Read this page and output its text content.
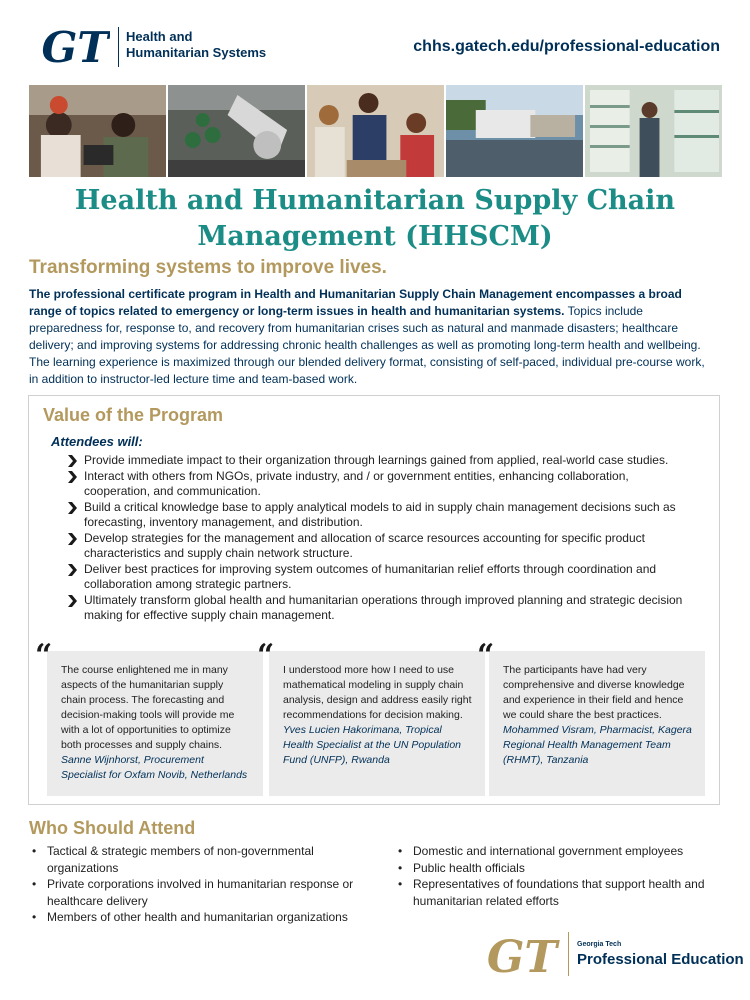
GT Health and
Humanitarian Systems	chhs.gatech.edu/professional-education
Health and Humanitarian Supply Chain Management (HHSCM)
Transforming systems to improve lives.
The professional certificate program in Health and Humanitarian Supply Chain Management encompasses a broad range of topics related to emergency or long-term issues in health and humanitarian systems. Topics include preparedness for, response to, and recovery from humanitarian crises such as natural and manmade disasters; healthcare delivery; and improving systems for addressing chronic health challenges as well as promoting long-term health and wellbeing. The learning experience is maximized through our blended delivery format, consisting of self-paced, individual pre-course work, in addition to instructor-led lecture time and team-based work.
Value of the Program
Attendees will:
Provide immediate impact to their organization through learnings gained from applied, real-world case studies.
Interact with others from NGOs, private industry, and / or government entities, enhancing collaboration, cooperation, and communication.
Build a critical knowledge base to apply analytical models to aid in supply chain management decisions such as forecasting, inventory management, and distribution.
Develop strategies for the management and allocation of scarce resources accounting for specific product characteristics and supply chain network structure.
Deliver best practices for improving system outcomes of humanitarian relief efforts through coordination and collaboration among strategic partners.
Ultimately transform global health and humanitarian operations through improved planning and strategic decision making for effective supply chain management.
“ The course enlightened me in many aspects of the humanitarian supply chain process. The forecasting and decision-making tools will provide me with a lot of opportunities to optimize both processes and supply chains.
Sanne Wijnhorst, Procurement Specialist for Oxfam Novib, Netherlands
“ I understood more how I need to use mathematical modeling in supply chain analysis, design and address easily right recommendations for decision making.
Yves Lucien Hakorimana, Tropical Health Specialist at the UN Population Fund (UNFP), Rwanda
“ The participants have had very comprehensive and diverse knowledge and experience in their field and hence we could share the best practices.
Mohammed Visram, Pharmacist, Kagera Regional Health Management Team (RHMT), Tanzania
Who Should Attend
• Tactical & strategic members of non-governmental organizations
• Private corporations involved in humanitarian response or healthcare delivery
• Members of other health and humanitarian organizations
• Domestic and international government employees
• Public health officials
• Representatives of foundations that support health and humanitarian related efforts
GT	Georgia Tech
Professional Education
